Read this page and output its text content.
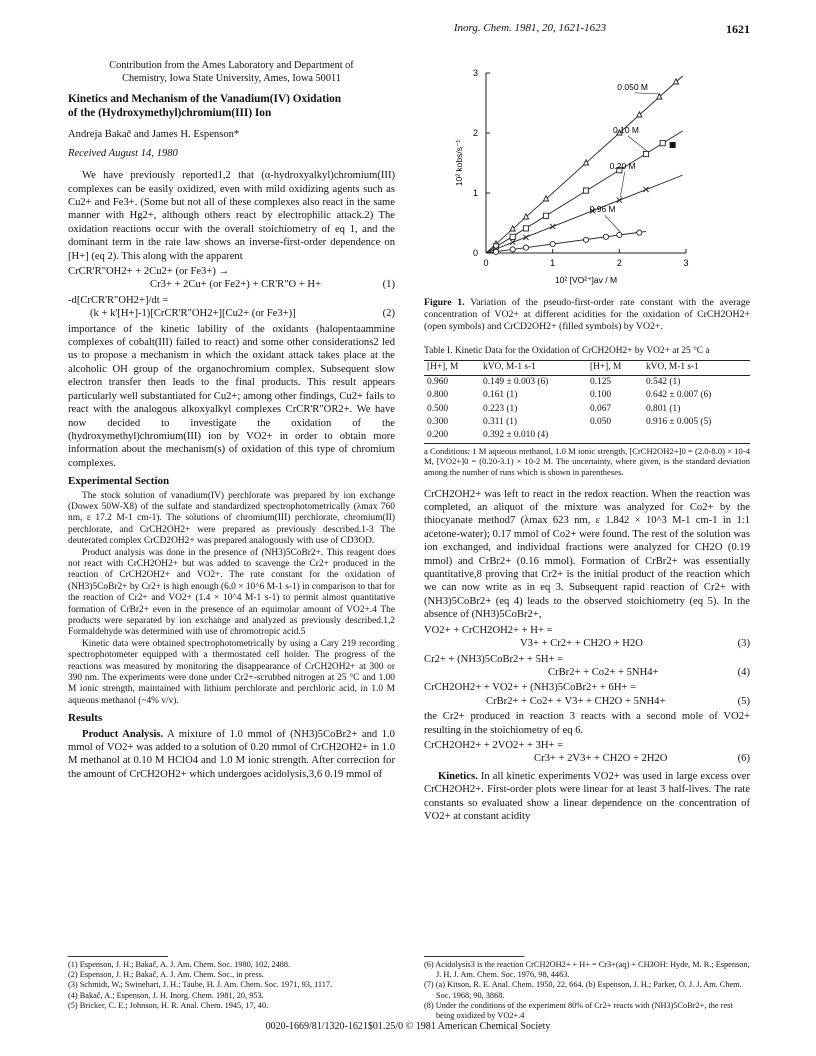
Inorg. Chem. 1981, 20, 1621-1623	1621
Contribution from the Ames Laboratory and Department of
Chemistry, Iowa State University, Ames, Iowa 50011
Kinetics and Mechanism of the Vanadium(IV) Oxidation
of the (Hydroxymethyl)chromium(III) Ion
Andreja Bakač and James H. Espenson*
Received August 14, 1980

We have previously reported1,2 that (α-hydroxyalkyl)chromium(III) complexes can be easily oxidized, even with mild oxidizing agents such as Cu2+ and Fe3+. (Some but not all of these complexes also react in the same manner with Hg2+, although others react by electrophilic attack.2) The oxidation reactions occur with the overall stoichiometry of eq 1, and the dominant term in the rate law shows an inverse-first-order dependence on [H+] (eq 2). This along with the apparent

CrCR'R"OH2+ + 2Cu2+ (or Fe3+) →
Cr3+ + 2Cu+ (or Fe2+) + CR'R"O + H+	(1)
-d[CrCR'R"OH2+]/dt =
(k + k'[H+]-1)[CrCR'R"OH2+][Cu2+ (or Fe3+)]	(2)

importance of the kinetic lability of the oxidants (halopentaammine complexes of cobalt(III) failed to react) and some other considerations2 led us to propose a mechanism in which the oxidant attack takes place at the alcoholic OH group of the organochromium complex. Subsequent slow electron transfer then leads to the final products. This result appears particularly well substantiated for Cu2+; among other findings, Cu2+ fails to react with the analogous alkoxyalkyl complexes CrCR'R"OR2+. We have now decided to investigate the oxidation of the (hydroxymethyl)chromium(III) ion by VO2+ in order to obtain more information about the mechanism(s) of oxidation of this type of chromium complexes.

Experimental Section

The stock solution of vanadium(IV) perchlorate was prepared by ion exchange (Dowex 50W-X8) of the sulfate and standardized spectrophotometrically (λmax 760 nm, ε 17.2 M-1 cm-1). The solutions of chromium(III) perchlorate, chromium(II) perchlorate, and CrCH2OH2+ were prepared as previously described.1-3 The deuterated complex CrCD2OH2+ was prepared analogously with use of CD3OD.

Product analysis was done in the presence of (NH3)5CoBr2+. This reagent does not react with CrCH2OH2+ but was added to scavenge the Cr2+ produced in the reaction of CrCH2OH2+ and VO2+. The rate constant for the oxidation of (NH3)5CoBr2+ by Cr2+ is high enough (6.0 × 10^6 M-1 s-1) in comparison to that for the reaction of Cr2+ and VO2+ (1.4 × 10^4 M-1 s-1) to permit almost quantitative formation of CrBr2+ even in the presence of an equimolar amount of VO2+.4 The products were separated by ion exchange and analyzed as previously described.1,2 Formaldehyde was determined with use of chromotropic acid.5

Kinetic data were obtained spectrophotometrically by using a Cary 219 recording spectrophotometer equipped with a thermostated cell holder. The progress of the reactions was measured by monitoring the disappearance of CrCH2OH2+ at 300 or 390 nm. The experiments were done under Cr2+-scrubbed nitrogen at 25 °C and 1.00 M ionic strength, maintained with lithium perchlorate and perchloric acid, in 1.0 M aqueous methanol (~4% v/v).

Results

Product Analysis. A mixture of 1.0 mmol of (NH3)5CoBr2+ and 1.0 mmol of VO2+ was added to a solution of 0.20 mmol of CrCH2OH2+ in 1.0 M methanol at 0.10 M HClO4 and 1.0 M ionic strength. After correction for the amount of CrCH2OH2+ which undergoes acidolysis,3,6 0.19 mmol of

(1) Espenson, J. H.; Bakač, A. J. Am. Chem. Soc. 1980, 102, 2488.
(2) Espenson, J. H.; Bakač, A. J. Am. Chem. Soc., in press.
(3) Schmidt, W.; Swinehart, J. H.; Taube, H. J. Am. Chem. Soc. 1971, 93, 1117.
(4) Bakač, A.; Espenson, J. H. Inorg. Chem. 1981, 20, 953.
(5) Bricker, C. E.; Johnson, H. R. Anal. Chem. 1945, 17, 40.
0	1	2	3
0
1
2
3
10² [VO²⁺]av / M
10² kobs/s⁻¹
0.050 M
0.10 M
0.20 M
0.96 M

Figure 1. Variation of the pseudo-first-order rate constant with the average concentration of VO2+ at different acidities for the oxidation of CrCH2OH2+ (open symbols) and CrCD2OH2+ (filled symbols) by VO2+.

Table I. Kinetic Data for the Oxidation of CrCH2OH2+ by VO2+ at 25 °C a
[H+], M	kVO, M-1 s-1	[H+], M	kVO, M-1 s-1
0.960	0.149 ± 0.003 (6)	0.125	0.542 (1)
0.800	0.161 (1)	0.100	0.642 ± 0.007 (6)
0.500	0.223 (1)	0.067	0.801 (1)
0.300	0.311 (1)	0.050	0.916 ± 0.005 (5)
0.200	0.392 ± 0.010 (4)		

a Conditions: 1 M aqueous methanol, 1.0 M ionic strength, [CrCH2OH2+]0 = (2.0-8.0) × 10-4 M, [VO2+]0 = (0.20-3.1) × 10-2 M. The uncertainty, where given, is the standard deviation among the number of runs which is shown in parentheses.

CrCH2OH2+ was left to react in the redox reaction. When the reaction was completed, an aliquot of the mixture was analyzed for Co2+ by the thiocyanate method7 (λmax 623 nm, ε 1.842 × 10^3 M-1 cm-1 in 1:1 acetone-water); 0.17 mmol of Co2+ were found. The rest of the solution was ion exchanged, and individual fractions were analyzed for CH2O (0.19 mmol) and CrBr2+ (0.16 mmol). Formation of CrBr2+ was essentially quantitative,8 proving that Cr2+ is the initial product of the reaction which we can now write as in eq 3. Subsequent rapid reaction of Cr2+ with (NH3)5CoBr2+ (eq 4) leads to the observed stoichiometry (eq 5). In the absence of (NH3)5CoBr2+,

VO2+ + CrCH2OH2+ + H+ =
V3+ + Cr2+ + CH2O + H2O	(3)
Cr2+ + (NH3)5CoBr2+ + 5H+ =
CrBr2+ + Co2+ + 5NH4+	(4)
CrCH2OH2+ + VO2+ + (NH3)5CoBr2+ + 6H+ =
CrBr2+ + Co2+ + V3+ + CH2O + 5NH4+	(5)

the Cr2+ produced in reaction 3 reacts with a second mole of VO2+ resulting in the stoichiometry of eq 6.

CrCH2OH2+ + 2VO2+ + 3H+ =
Cr3+ + 2V3+ + CH2O + 2H2O	(6)

Kinetics. In all kinetic experiments VO2+ was used in large excess over CrCH2OH2+. First-order plots were linear for at least 3 half-lives. The rate constants so evaluated show a linear dependence on the concentration of VO2+ at constant acidity

(6) Acidolysis3 is the reaction CrCH2OH2+ + H+ = Cr3+(aq) + CH3OH: Hyde, M. R.; Espenson, J. H. J. Am. Chem. Soc. 1976, 98, 4463.
(7) (a) Kitson, R. E. Anal. Chem. 1950, 22, 664. (b) Espenson, J. H.; Parker, O. J. J. Am. Chem. Soc. 1968, 90, 3868.
(8) Under the conditions of the experiment 80% of Cr2+ reacts with (NH3)5CoBr2+, the rest being oxidized by VO2+.4
0020-1669/81/1320-1621$01.25/0 © 1981 American Chemical Society
